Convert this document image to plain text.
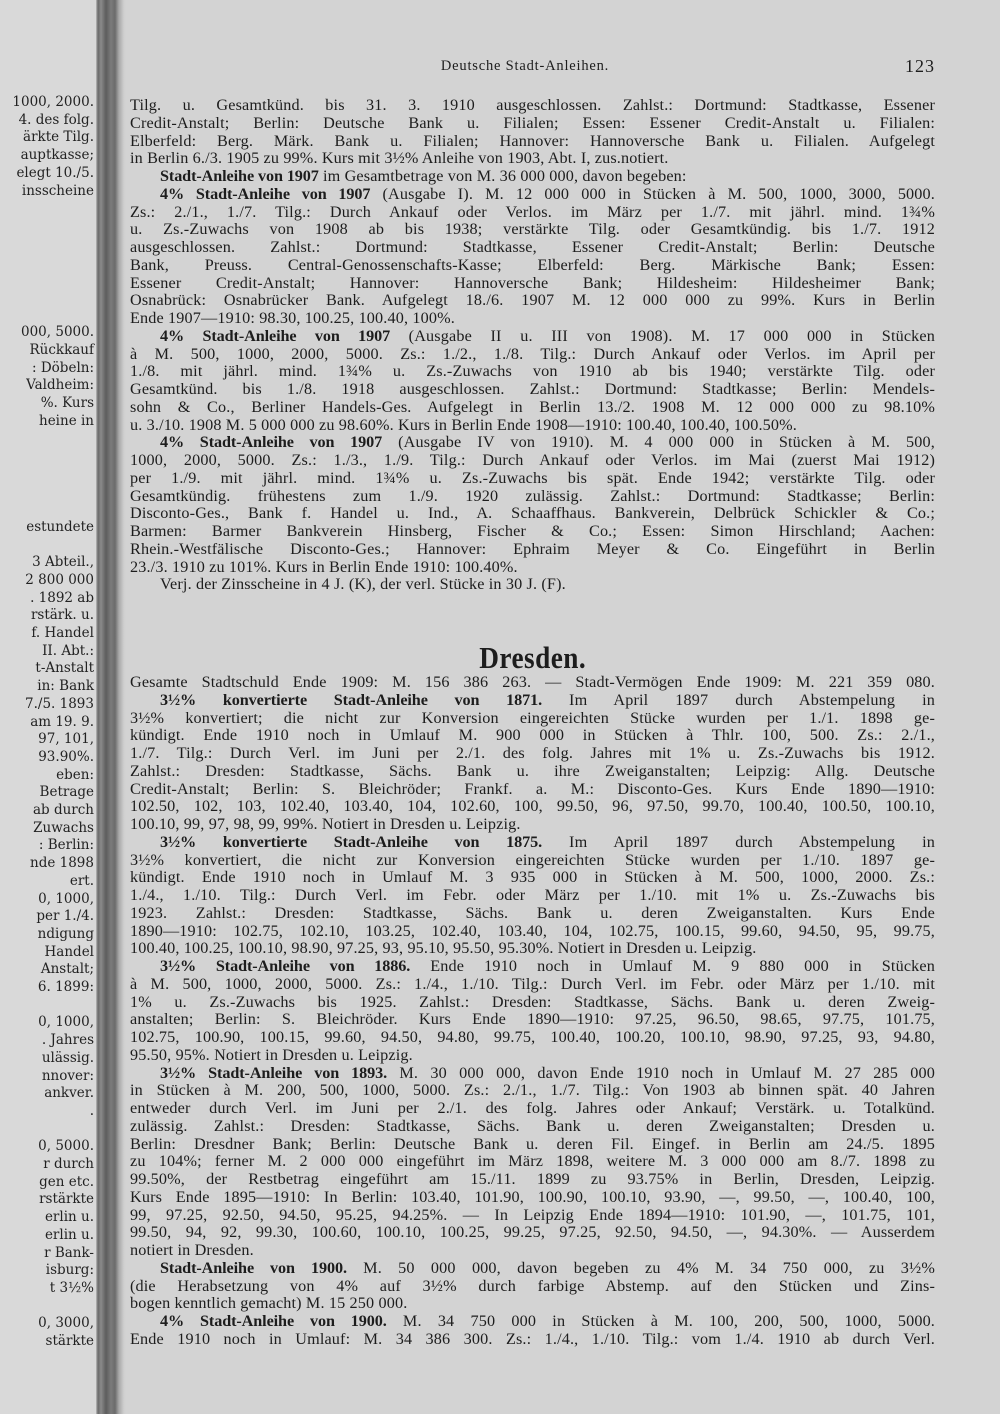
1000, 2000.
4. des folg.
ärkte Tilg.
auptkasse;
elegt 10./5.
insscheine
000, 5000.
Rückkauf
: Döbeln:
Valdheim:
%. Kurs
heine in
estundete
3 Abteil.,
2 800 000
. 1892 ab
rstärk. u.
f. Handel
II. Abt.:
t-Anstalt
in: Bank
7./5. 1893
am 19. 9.
97, 101,
93.90%.
eben:
Betrage
ab durch
Zuwachs
: Berlin:
nde 1898
ert.
0, 1000,
per 1./4.
ndigung
Handel
Anstalt;
6. 1899:
0, 1000,
. Jahres
ulässig.
nnover:
ankver.
.
0, 5000.
r durch
gen etc.
rstärkte
erlin u.
erlin u.
r Bank-
isburg:
t 3½%
0, 3000,
stärkte
Deutsche Stadt-Anleihen.	123
Tilg. u. Gesamtkünd. bis 31. 3. 1910 ausgeschlossen. Zahlst.: Dortmund: Stadtkasse, Essener
Credit-Anstalt; Berlin: Deutsche Bank u. Filialen; Essen: Essener Credit-Anstalt u. Filialen:
Elberfeld: Berg. Märk. Bank u. Filialen; Hannover: Hannoversche Bank u. Filialen. Aufgelegt
in Berlin 6./3. 1905 zu 99%. Kurs mit 3½% Anleihe von 1903, Abt. I, zus.notiert.
Stadt-Anleihe von 1907 im Gesamtbetrage von M. 36 000 000, davon begeben:
4% Stadt-Anleihe von 1907 (Ausgabe I). M. 12 000 000 in Stücken à M. 500, 1000, 3000, 5000.
Zs.: 2./1., 1./7. Tilg.: Durch Ankauf oder Verlos. im März per 1./7. mit jährl. mind. 1¾%
u. Zs.-Zuwachs von 1908 ab bis 1938; verstärkte Tilg. oder Gesamtkündig. bis 1./7. 1912
ausgeschlossen. Zahlst.: Dortmund: Stadtkasse, Essener Credit-Anstalt; Berlin: Deutsche
Bank, Preuss. Central-Genossenschafts-Kasse; Elberfeld: Berg. Märkische Bank; Essen:
Essener Credit-Anstalt; Hannover: Hannoversche Bank; Hildesheim: Hildesheimer Bank;
Osnabrück: Osnabrücker Bank. Aufgelegt 18./6. 1907 M. 12 000 000 zu 99%. Kurs in Berlin
Ende 1907—1910: 98.30, 100.25, 100.40, 100%.
4% Stadt-Anleihe von 1907 (Ausgabe II u. III von 1908). M. 17 000 000 in Stücken
à M. 500, 1000, 2000, 5000. Zs.: 1./2., 1./8. Tilg.: Durch Ankauf oder Verlos. im April per
1./8. mit jährl. mind. 1¾% u. Zs.-Zuwachs von 1910 ab bis 1940; verstärkte Tilg. oder
Gesamtkünd. bis 1./8. 1918 ausgeschlossen. Zahlst.: Dortmund: Stadtkasse; Berlin: Mendels-
sohn & Co., Berliner Handels-Ges. Aufgelegt in Berlin 13./2. 1908 M. 12 000 000 zu 98.10%
u. 3./10. 1908 M. 5 000 000 zu 98.60%. Kurs in Berlin Ende 1908—1910: 100.40, 100.40, 100.50%.
4% Stadt-Anleihe von 1907 (Ausgabe IV von 1910). M. 4 000 000 in Stücken à M. 500,
1000, 2000, 5000. Zs.: 1./3., 1./9. Tilg.: Durch Ankauf oder Verlos. im Mai (zuerst Mai 1912)
per 1./9. mit jährl. mind. 1¾% u. Zs.-Zuwachs bis spät. Ende 1942; verstärkte Tilg. oder
Gesamtkündig. frühestens zum 1./9. 1920 zulässig. Zahlst.: Dortmund: Stadtkasse; Berlin:
Disconto-Ges., Bank f. Handel u. Ind., A. Schaaffhaus. Bankverein, Delbrück Schickler & Co.;
Barmen: Barmer Bankverein Hinsberg, Fischer & Co.; Essen: Simon Hirschland; Aachen:
Rhein.-Westfälische Disconto-Ges.; Hannover: Ephraim Meyer & Co. Eingeführt in Berlin
23./3. 1910 zu 101%. Kurs in Berlin Ende 1910: 100.40%.
Verj. der Zinsscheine in 4 J. (K), der verl. Stücke in 30 J. (F).
Dresden.
Gesamte Stadtschuld Ende 1909: M. 156 386 263. — Stadt-Vermögen Ende 1909: M. 221 359 080.
3½% konvertierte Stadt-Anleihe von 1871. Im April 1897 durch Abstempelung in
3½% konvertiert; die nicht zur Konversion eingereichten Stücke wurden per 1./1. 1898 ge-
kündigt. Ende 1910 noch in Umlauf M. 900 000 in Stücken à Thlr. 100, 500. Zs.: 2./1.,
1./7. Tilg.: Durch Verl. im Juni per 2./1. des folg. Jahres mit 1% u. Zs.-Zuwachs bis 1912.
Zahlst.: Dresden: Stadtkasse, Sächs. Bank u. ihre Zweiganstalten; Leipzig: Allg. Deutsche
Credit-Anstalt; Berlin: S. Bleichröder; Frankf. a. M.: Disconto-Ges. Kurs Ende 1890—1910:
102.50, 102, 103, 102.40, 103.40, 104, 102.60, 100, 99.50, 96, 97.50, 99.70, 100.40, 100.50, 100.10,
100.10, 99, 97, 98, 99, 99%. Notiert in Dresden u. Leipzig.
3½% konvertierte Stadt-Anleihe von 1875. Im April 1897 durch Abstempelung in
3½% konvertiert, die nicht zur Konversion eingereichten Stücke wurden per 1./10. 1897 ge-
kündigt. Ende 1910 noch in Umlauf M. 3 935 000 in Stücken à M. 500, 1000, 2000. Zs.:
1./4., 1./10. Tilg.: Durch Verl. im Febr. oder März per 1./10. mit 1% u. Zs.-Zuwachs bis
1923. Zahlst.: Dresden: Stadtkasse, Sächs. Bank u. deren Zweiganstalten. Kurs Ende
1890—1910: 102.75, 102.10, 103.25, 102.40, 103.40, 104, 102.75, 100.15, 99.60, 94.50, 95, 99.75,
100.40, 100.25, 100.10, 98.90, 97.25, 93, 95.10, 95.50, 95.30%. Notiert in Dresden u. Leipzig.
3½% Stadt-Anleihe von 1886. Ende 1910 noch in Umlauf M. 9 880 000 in Stücken
à M. 500, 1000, 2000, 5000. Zs.: 1./4., 1./10. Tilg.: Durch Verl. im Febr. oder März per 1./10. mit
1% u. Zs.-Zuwachs bis 1925. Zahlst.: Dresden: Stadtkasse, Sächs. Bank u. deren Zweig-
anstalten; Berlin: S. Bleichröder. Kurs Ende 1890—1910: 97.25, 96.50, 98.65, 97.75, 101.75,
102.75, 100.90, 100.15, 99.60, 94.50, 94.80, 99.75, 100.40, 100.20, 100.10, 98.90, 97.25, 93, 94.80,
95.50, 95%. Notiert in Dresden u. Leipzig.
3½% Stadt-Anleihe von 1893. M. 30 000 000, davon Ende 1910 noch in Umlauf M. 27 285 000
in Stücken à M. 200, 500, 1000, 5000. Zs.: 2./1., 1./7. Tilg.: Von 1903 ab binnen spät. 40 Jahren
entweder durch Verl. im Juni per 2./1. des folg. Jahres oder Ankauf; Verstärk. u. Totalkünd.
zulässig. Zahlst.: Dresden: Stadtkasse, Sächs. Bank u. deren Zweiganstalten; Dresden u.
Berlin: Dresdner Bank; Berlin: Deutsche Bank u. deren Fil. Eingef. in Berlin am 24./5. 1895
zu 104%; ferner M. 2 000 000 eingeführt im März 1898, weitere M. 3 000 000 am 8./7. 1898 zu
99.50%, der Restbetrag eingeführt am 15./11. 1899 zu 93.75% in Berlin, Dresden, Leipzig.
Kurs Ende 1895—1910: In Berlin: 103.40, 101.90, 100.90, 100.10, 93.90, —, 99.50, —, 100.40, 100,
99, 97.25, 92.50, 94.50, 95.25, 94.25%. — In Leipzig Ende 1894—1910: 101.90, —, 101.75, 101,
99.50, 94, 92, 99.30, 100.60, 100.10, 100.25, 99.25, 97.25, 92.50, 94.50, —, 94.30%. — Ausserdem
notiert in Dresden.
Stadt-Anleihe von 1900. M. 50 000 000, davon begeben zu 4% M. 34 750 000, zu 3½%
(die Herabsetzung von 4% auf 3½% durch farbige Abstemp. auf den Stücken und Zins-
bogen kenntlich gemacht) M. 15 250 000.
4% Stadt-Anleihe von 1900. M. 34 750 000 in Stücken à M. 100, 200, 500, 1000, 5000.
Ende 1910 noch in Umlauf: M. 34 386 300. Zs.: 1./4., 1./10. Tilg.: vom 1./4. 1910 ab durch Verl.
